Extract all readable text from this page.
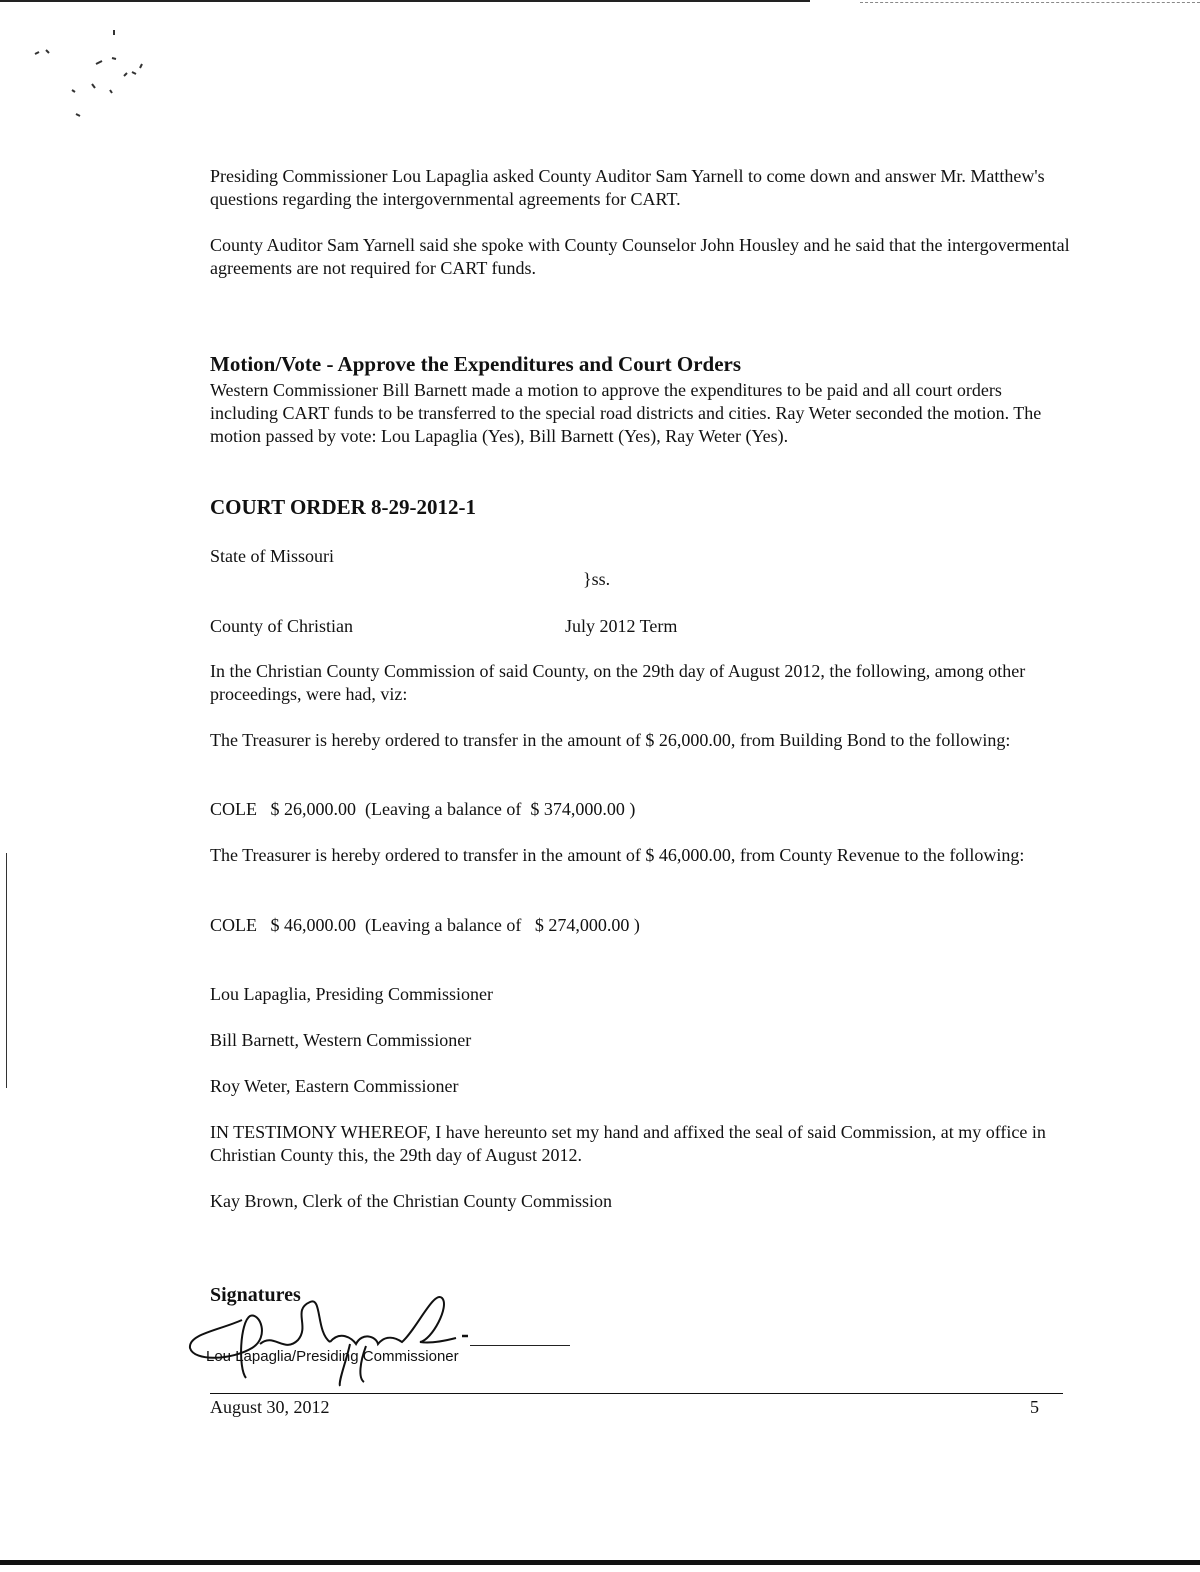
Presiding Commissioner Lou Lapaglia asked County Auditor Sam Yarnell to come down and answer Mr. Matthew's questions regarding the intergovernmental agreements for CART.

County Auditor Sam Yarnell said she spoke with County Counselor John Housley and he said that the intergovermental agreements are not required for CART funds.

Motion/Vote - Approve the Expenditures and Court Orders

Western Commissioner Bill Barnett made a motion to approve the expenditures to be paid and all court orders including CART funds to be transferred to the special road districts and cities. Ray Weter seconded the motion. The motion passed by vote: Lou Lapaglia (Yes), Bill Barnett (Yes), Ray Weter (Yes).

COURT ORDER 8-29-2012-1
State of Missouri
}ss.
County of Christian	July 2012 Term

In the Christian County Commission of said County, on the 29th day of August 2012, the following, among other proceedings, were had, viz:

The Treasurer is hereby ordered to transfer in the amount of $ 26,000.00, from Building Bond to the following:

COLE   $ 26,000.00  (Leaving a balance of  $ 374,000.00 )

The Treasurer is hereby ordered to transfer in the amount of $ 46,000.00, from County Revenue to the following:

COLE   $ 46,000.00  (Leaving a balance of   $ 274,000.00 )
Lou Lapaglia, Presiding Commissioner
Bill Barnett, Western Commissioner
Roy Weter, Eastern Commissioner

IN TESTIMONY WHEREOF, I have hereunto set my hand and affixed the seal of said Commission, at my office in Christian County this, the 29th day of August 2012.

Kay Brown, Clerk of the Christian County Commission
Signatures
Lou Lapaglia/Presiding Commissioner
August 30, 2012	5
